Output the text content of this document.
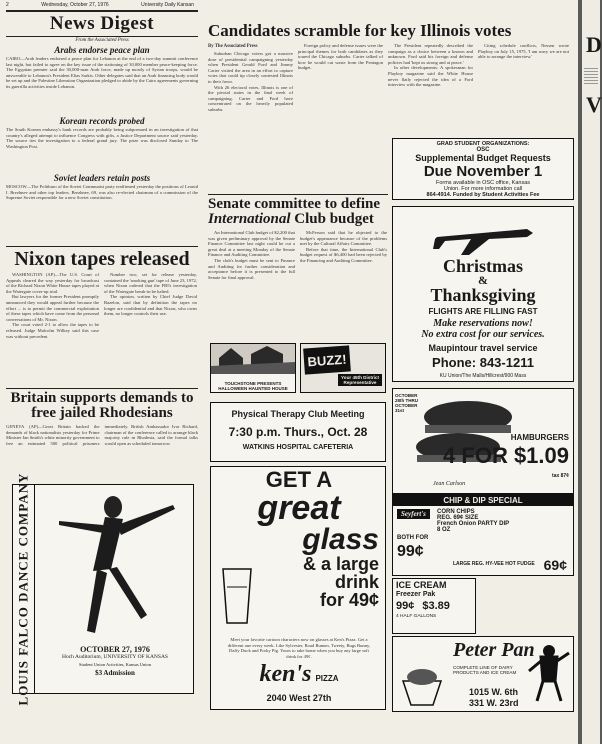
2	Wednesday, October 27, 1976	University Daily Kansan
News Digest
From the Associated Press
Arabs endorse peace plan
CAIRO—Arab leaders endorsed a peace plan for Lebanon at the end of a two-day summit conference last night, but failed to agree on the key issue of the stationing of 30,000 member peace-keeping force. The Egyptian premier said the 30,000-man Arab force, made up mostly of Syrian troops, would be answerable to Lebanon's President Elias Sarkis. Other delegates said that an Arab financing body would be set up and the Palestine Liberation Organization pledged to abide by the Cairo agreements governing its guerrilla activities inside Lebanon.
Korean records probed
The South Korean embassy's bank records are probably being subpoenaed in an investigation of that country's alleged attempt to influence Congress with gifts, a Justice Department source said yesterday. The source ties the investigation to a federal grand jury. The prize was disclosed Sunday to The Washington Post.
Soviet leaders retain posts
MOSCOW—The Politburo of the Soviet Communist party reaffirmed yesterday the positions of Leonid I. Brezhnev and other top leaders. Brezhnev, 69, was also re-elected chairman of a commission of the Supreme Soviet responsible for a new Soviet constitution.
Nixon tapes released

WASHINGTON (AP)—The U.S. Court of Appeals cleared the way yesterday for broadcast of the Richard Nixon White House tapes played at the Watergate cover-up trial.

But lawyers for the former President promptly announced they would appeal further because the effort ... is to permit the commercial exploitation of these tapes which have come from the personal conversations of Mr. Nixon.

The court voted 2-1 to allow the tapes to be released. Judge Malcolm Wilkey said this case was without precedent.

Number two, set for release yesterday, contained the 'smoking gun' tape of June 23, 1972, when Nixon ordered that the FBI's investigation of the Watergate break-in be halted.

The opinion, written by Chief Judge David Bazelon, said that by definition the tapes no longer are confidential and that Nixon, who owns them, no longer controls their use.

Britain supports demands to free jailed Rhodesians
GENEVA (AP)—Great Britain backed the demands of black nationalists yesterday for Prime Minister Ian Smith's white minority government to free an estimated 500 political prisoners immediately. British Ambassador Ivor Richard, chairman of the conference called to arrange black majority rule in Rhodesia, said the formal talks would open as scheduled tomorrow.
LOUIS FALCO DANCE COMPANY	OCTOBER 27, 1976
Hoch Auditorium, UNIVERSITY OF KANSAS
Student Union Activities, Kansas Union
$3 Admission
Candidates scramble for key Illinois votes
By The Associated Press

Suburban Chicago voters got a massive dose of presidential campaigning yesterday when President Gerald Ford and Jimmy Carter visited the area in an effort to capture votes that could tip closely contested Illinois to their favor.

With 26 electoral votes, Illinois is one of the pivotal states in the final week of campaigning. Carter and Ford have concentrated on the heavily populated suburbs.

Foreign policy and defense issues were the principal themes for both candidates as they toured the Chicago suburbs. Carter talked of how he would cut waste from the Pentagon budget.

The President repeatedly described the campaign as a choice between a known and unknown. Ford said his foreign and defense policies had 'kept us strong and at peace.'

In other developments: A spokesman for Playboy magazine said the White House never flatly rejected the idea of a Ford interview with the magazine.

Citing schedule conflicts, Nessen wrote Playboy on July 15, 1975, 'I am sorry we are not able to arrange the interview.'

GRAD STUDENT ORGANIZATIONS:
OSC
Supplemental Budget Requests
Due November 1
Forms available in OSC office, Kansas
Union. For more information call
864-4914. Funded by Student Activities Fee
Senate committee to define
International Club budget

An International Club budget of $2,200 that was given preliminary approval by the Senate Finance Committee last night could be cut a great deal at a meeting Monday of the Senate Finance and Auditing Committee.

The club's budget must be sent to Finance and Auditing for further consideration and acceptance before it is presented to the full Senate for final approval.

McFerson said that he objected to the budget's appearance because of the problems met by the Cultural Affairs Committee.

Before that time, the International Club's budget request of $6,400 had been rejected by the Financing and Auditing Committee.

TOUCHSTONE PRESENTS HALLOWEEN HAUNTED HOUSE
BUZZ!
Your 45th District
Representative
Physical Therapy Club Meeting
7:30 p.m. Thurs., Oct. 28
WATKINS HOSPITAL CAFETERIA
GET A
great
glass
& a large
drink
for 49¢
Meet your favorite cartoon characters now on glasses at Ken's Pizza. Get a different one every week. Like Sylvester, Road Runner, Tweety, Bugs Bunny, Daffy Duck and Porky Pig. Yours to take home when you buy any large soft drink for 49¢.
ken's PIZZA
2040 West 27th
Christmas
&
Thanksgiving
FLIGHTS ARE FILLING FAST
Make reservations now!
No extra cost for our services.
Maupintour travel service
Phone: 843-1211
KU Union/The Malls/Hillcrest/900 Mass
OCTOBER 28th THRU OCTOBER 31st
HAMBURGERS
4 FOR $1.09
tax 87¢
Jean Carlson
CHIP & DIP SPECIAL
Seyfert's	CORN CHIPS
REG. 69¢ SIZE
French Onion PARTY DIP
8 OZ
BOTH FOR
99¢
LARGE REG. HY-VEE HOT FUDGE 69¢
ICE CREAM
Freezer Pak
99¢ $3.89
4 HALF GALLONS
Peter Pan
COMPLETE LINE OF DAIRY PRODUCTS AND ICE CREAM
1015 W. 6th
331 W. 23rd
D
V
